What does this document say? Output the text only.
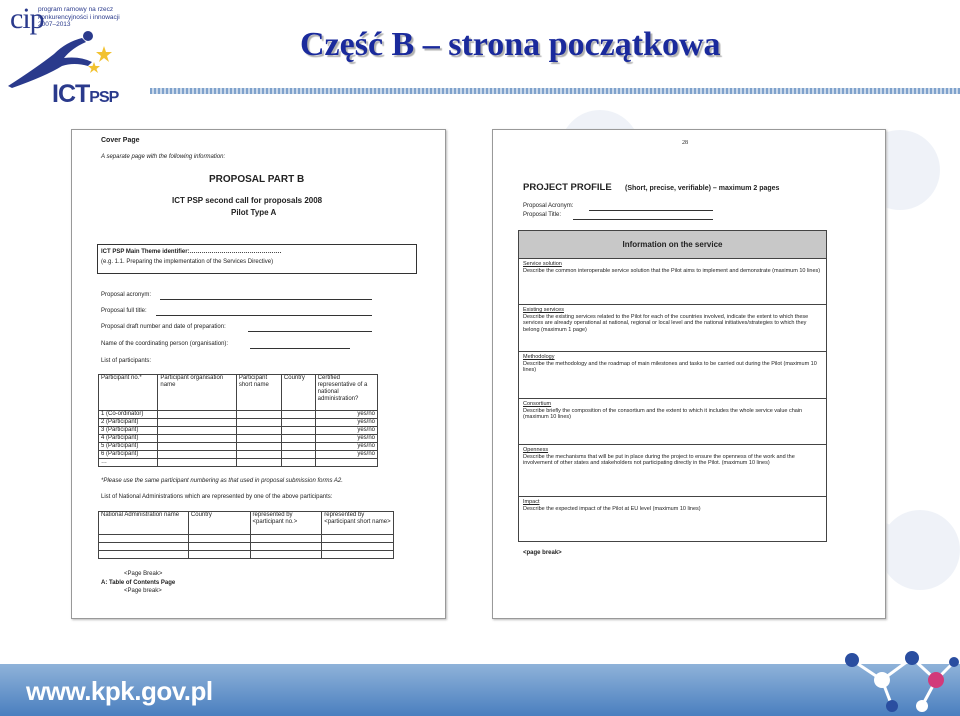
cip
program ramowy na rzecz konkurencyjności i innowacji 2007–2013
ICTPSP
Część B – strona początkowa
Cover Page
A separate page with the following information:
PROPOSAL PART B
ICT PSP second call for proposals 2008
Pilot Type A
ICT PSP Main Theme identifier:……………………………………….
(e.g. 1.1. Preparing the implementation of the Services Directive)
Proposal acronym:
Proposal full title:
Proposal draft number and date of preparation:
Name of the coordinating person (organisation):
List of participants:
Participant no.*	Participant organisation name	Participant short name	Country	Certified representative of a national administration?
1 (Co-ordinator)				yes/no
2 (Participant)				yes/no
3 (Participant)				yes/no
4 (Participant)				yes/no
5 (Participant)				yes/no
6 (Participant)				yes/no
…				
*Please use the same participant numbering as that used in proposal submission forms A2.
List of National Administrations which are represented by one of the above participants:
National Administration name	Country	represented by <participant no.>	represented by <participant short name>

<Page Break>
A: Table of Contents Page
<Page break>
28
PROJECT PROFILE (Short, precise, verifiable) – maximum 2 pages
Proposal Acronym:
Proposal Title:
Information on the service
Service solution
Describe the common interoperable service solution that the Pilot aims to implement and demonstrate (maximum 10 lines)
Existing services
Describe the existing services related to the Pilot for each of the countries involved, indicate the extent to which these services are already operational at national, regional or local level and the national initiatives/strategies to which they belong (maximum 1 page)
Methodology
Describe the methodology and the roadmap of main milestones and tasks to be carried out during the Pilot (maximum 10 lines)
Consortium
Describe briefly the composition of the consortium and the extent to which it includes the whole service value chain (maximum 10 lines)
Openness
Describe the mechanisms that will be put in place during the project to ensure the openness of the work and the involvement of other states and stakeholders not participating directly in the Pilot. (maximum 10 lines)
Impact
Describe the expected impact of the Pilot at EU level (maximum 10 lines)
<page break>
www.kpk.gov.pl
